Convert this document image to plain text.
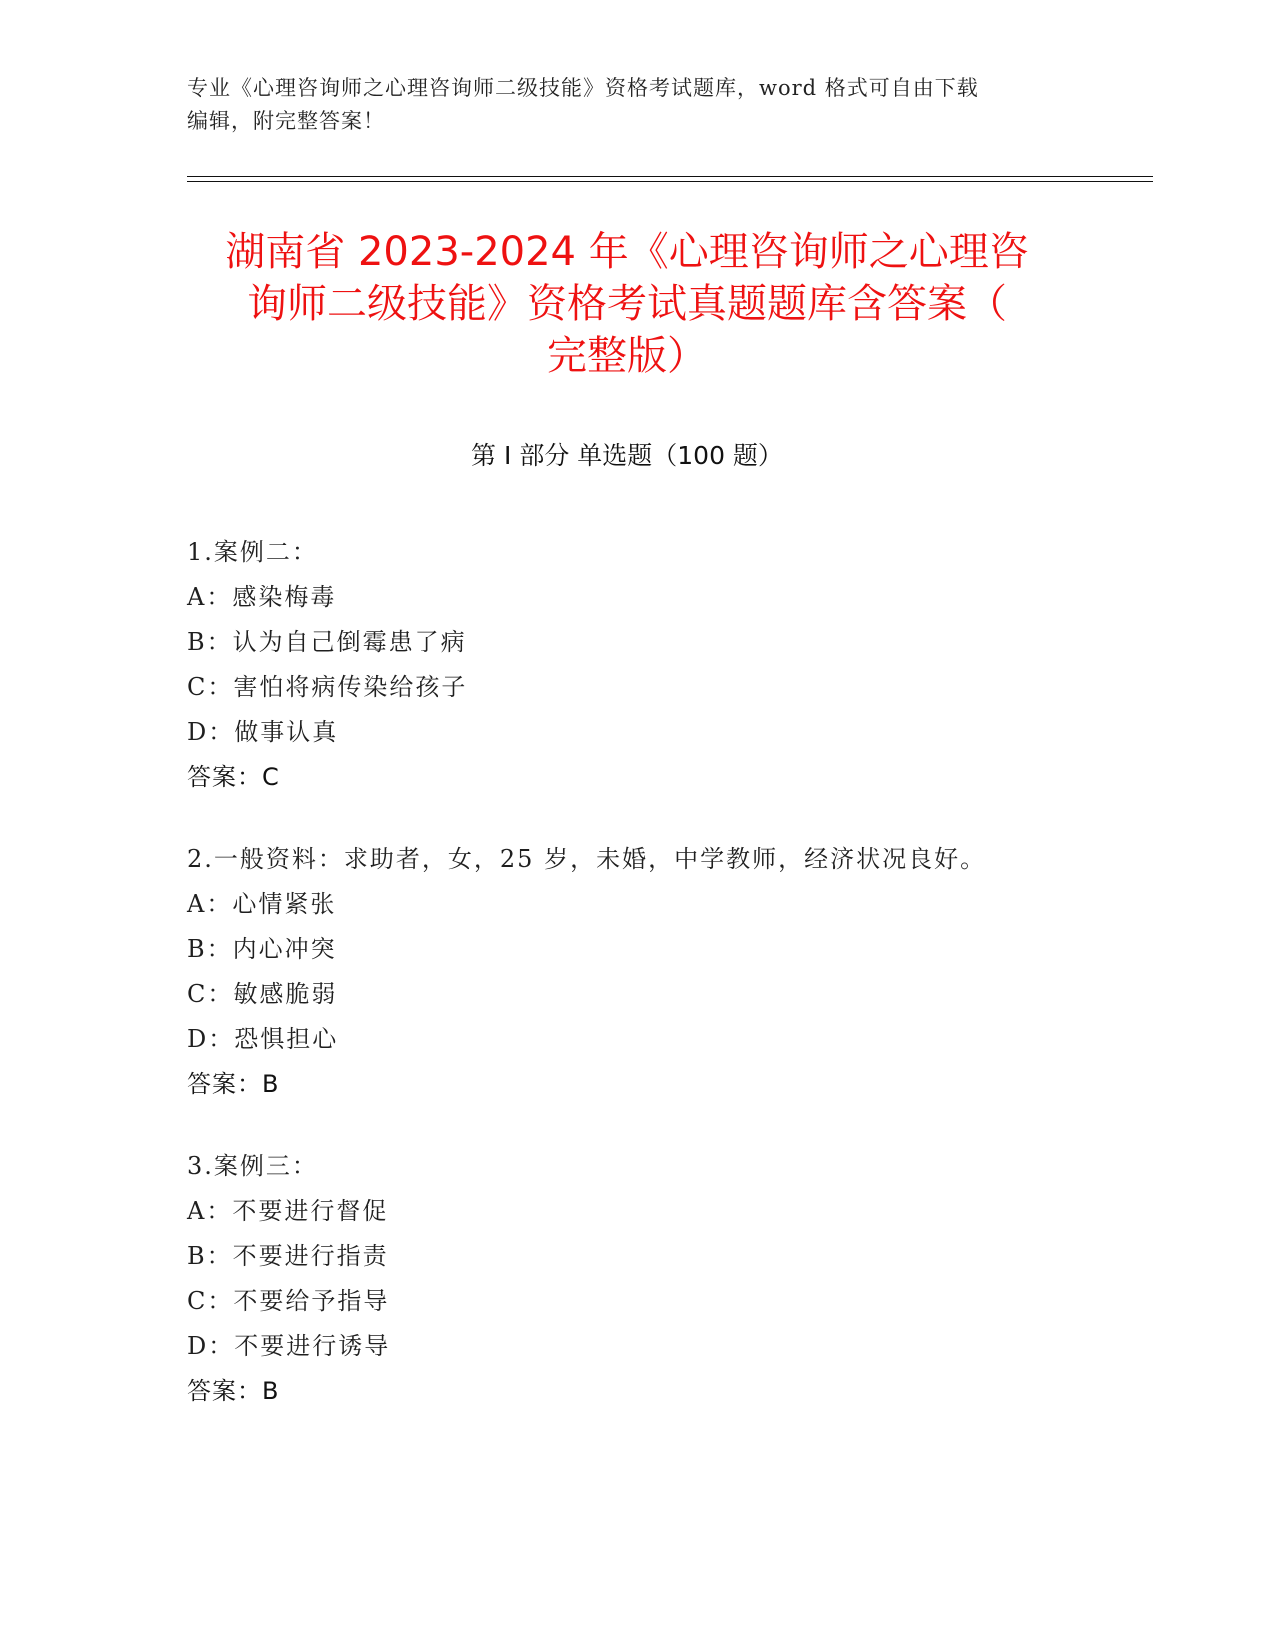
专业《心理咨询师之心理咨询师二级技能》资格考试题库，word 格式可自由下载
编辑，附完整答案！
湖南省 2023-2024 年《心理咨询师之心理咨
询师二级技能》资格考试真题题库含答案（
完整版）
第 I 部分 单选题（100 题）
1.案例二：
A：感染梅毒
B：认为自己倒霉患了病
C：害怕将病传染给孩子
D：做事认真
答案：C
2.一般资料：求助者，女，25 岁，未婚，中学教师，经济状况良好。
A：心情紧张
B：内心冲突
C：敏感脆弱
D：恐惧担心
答案：B
3.案例三：
A：不要进行督促
B：不要进行指责
C：不要给予指导
D：不要进行诱导
答案：B
